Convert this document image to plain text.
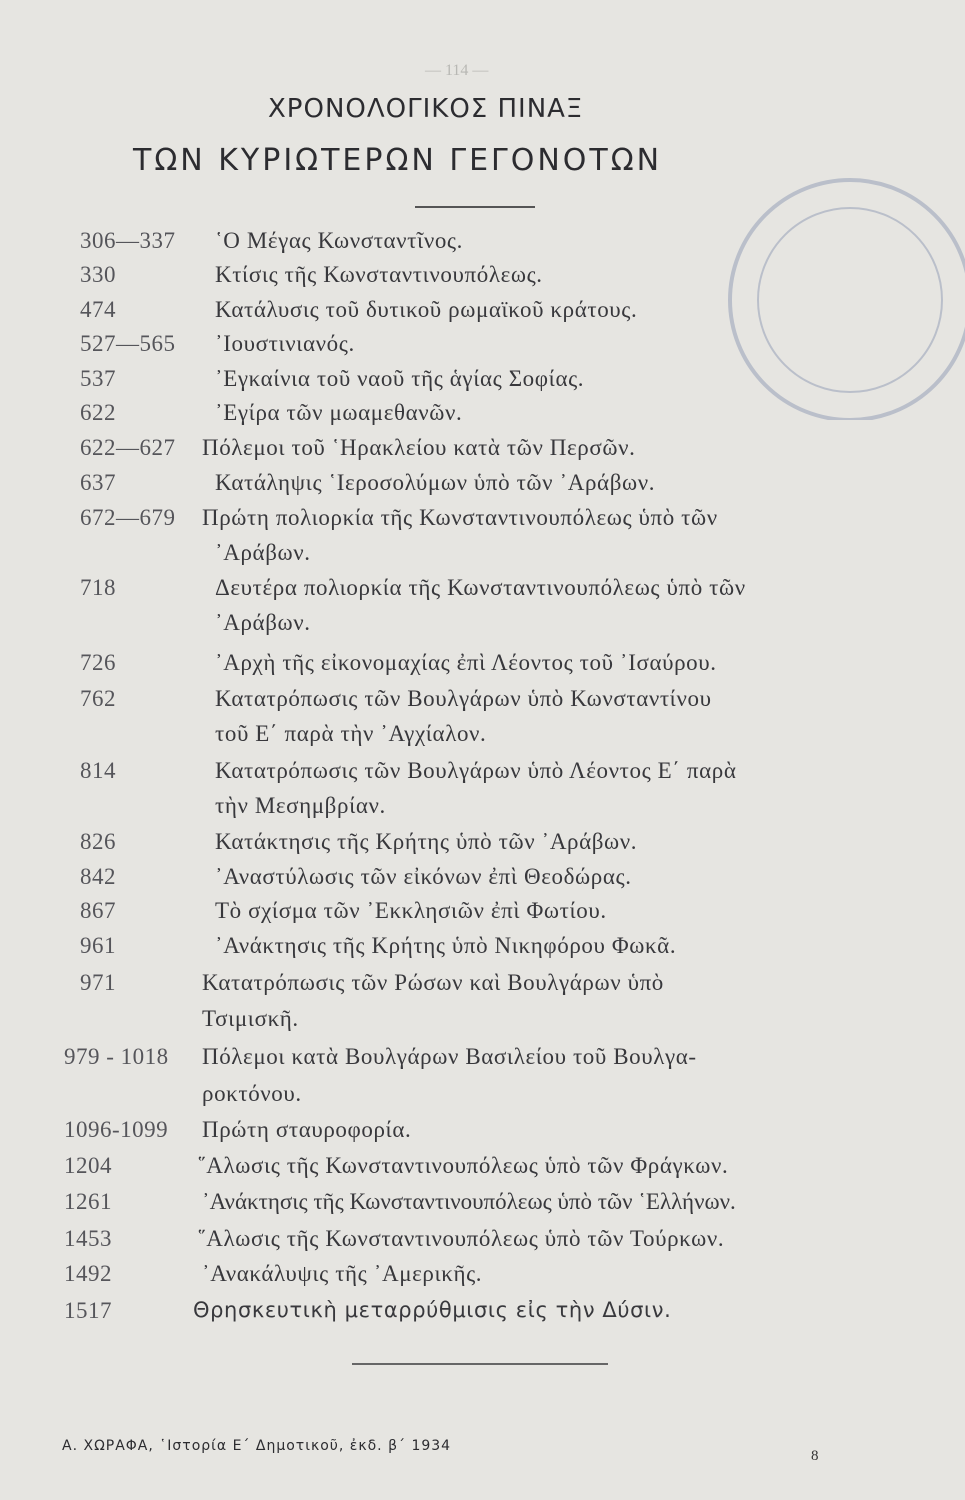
— 114 —
ΧΡΟΝΟΛΟΓΙΚΟΣ ΠΙΝΑΞ
ΤΩΝ ΚΥΡΙΩΤΕΡΩΝ ΓΕΓΟΝΟΤΩΝ
306—337 ῾Ο Μέγας Κωνσταντῖνος.
330	Κτίσις τῆς Κωνσταντινουπόλεως.
474	Κατάλυσις τοῦ δυτικοῦ ρωμαϊκοῦ κράτους.
527—565 ᾿Ιουστινιανός.
537	᾿Εγκαίνια τοῦ ναοῦ τῆς ἁγίας Σοφίας.
622	᾿Εγίρα τῶν μωαμεθανῶν.
622—627 Πόλεμοι τοῦ ῾Ηρακλείου κατὰ τῶν Περσῶν.
637	Κατάληψις ῾Ιεροσολύμων ὑπὸ τῶν ᾿Αράβων.
672—679 Πρώτη πολιορκία τῆς Κωνσταντινουπόλεως ὑπὸ τῶν
᾿Αράβων.
718	Δευτέρα πολιορκία τῆς Κωνσταντινουπόλεως ὑπὸ τῶν
᾿Αράβων.
726	᾿Αρχὴ τῆς εἰκονομαχίας ἐπὶ Λέοντος τοῦ ᾿Ισαύρου.
762	Κατατρόπωσις τῶν Βουλγάρων ὑπὸ Κωνσταντίνου
τοῦ Ε΄ παρὰ τὴν ᾿Αγχίαλον.
814	Κατατρόπωσις τῶν Βουλγάρων ὑπὸ Λέοντος Ε΄ παρὰ
τὴν Μεσημβρίαν.
826	Κατάκτησις τῆς Κρήτης ὑπὸ τῶν ᾿Αράβων.
842	᾿Αναστύλωσις τῶν εἰκόνων ἐπὶ Θεοδώρας.
867	Τὸ σχίσμα τῶν ᾿Εκκλησιῶν ἐπὶ Φωτίου.
961	᾿Ανάκτησις τῆς Κρήτης ὑπὸ Νικηφόρου Φωκᾶ.
971	Κατατρόπωσις τῶν Ρώσων καὶ Βουλγάρων ὑπὸ
Τσιμισκῆ.
979 - 1018 Πόλεμοι κατὰ Βουλγάρων Βασιλείου τοῦ Βουλγα-
ροκτόνου.
1096-1099 Πρώτη σταυροφορία.
1204	῞Αλωσις τῆς Κωνσταντινουπόλεως ὑπὸ τῶν Φράγκων.
1261	᾿Ανάκτησις τῆς Κωνσταντινουπόλεως ὑπὸ τῶν ῾Ελλήνων.
1453	῞Αλωσις τῆς Κωνσταντινουπόλεως ὑπὸ τῶν Τούρκων.
1492	᾿Ανακάλυψις τῆς ᾿Αμερικῆς.
1517	Θρησκευτικὴ μεταρρύθμισις εἰς τὴν Δύσιν.
Α. ΧΩΡΑΦΑ, ῾Ιστορία Ε΄ Δημοτικοῦ, ἐκδ. β΄ 1934
8
